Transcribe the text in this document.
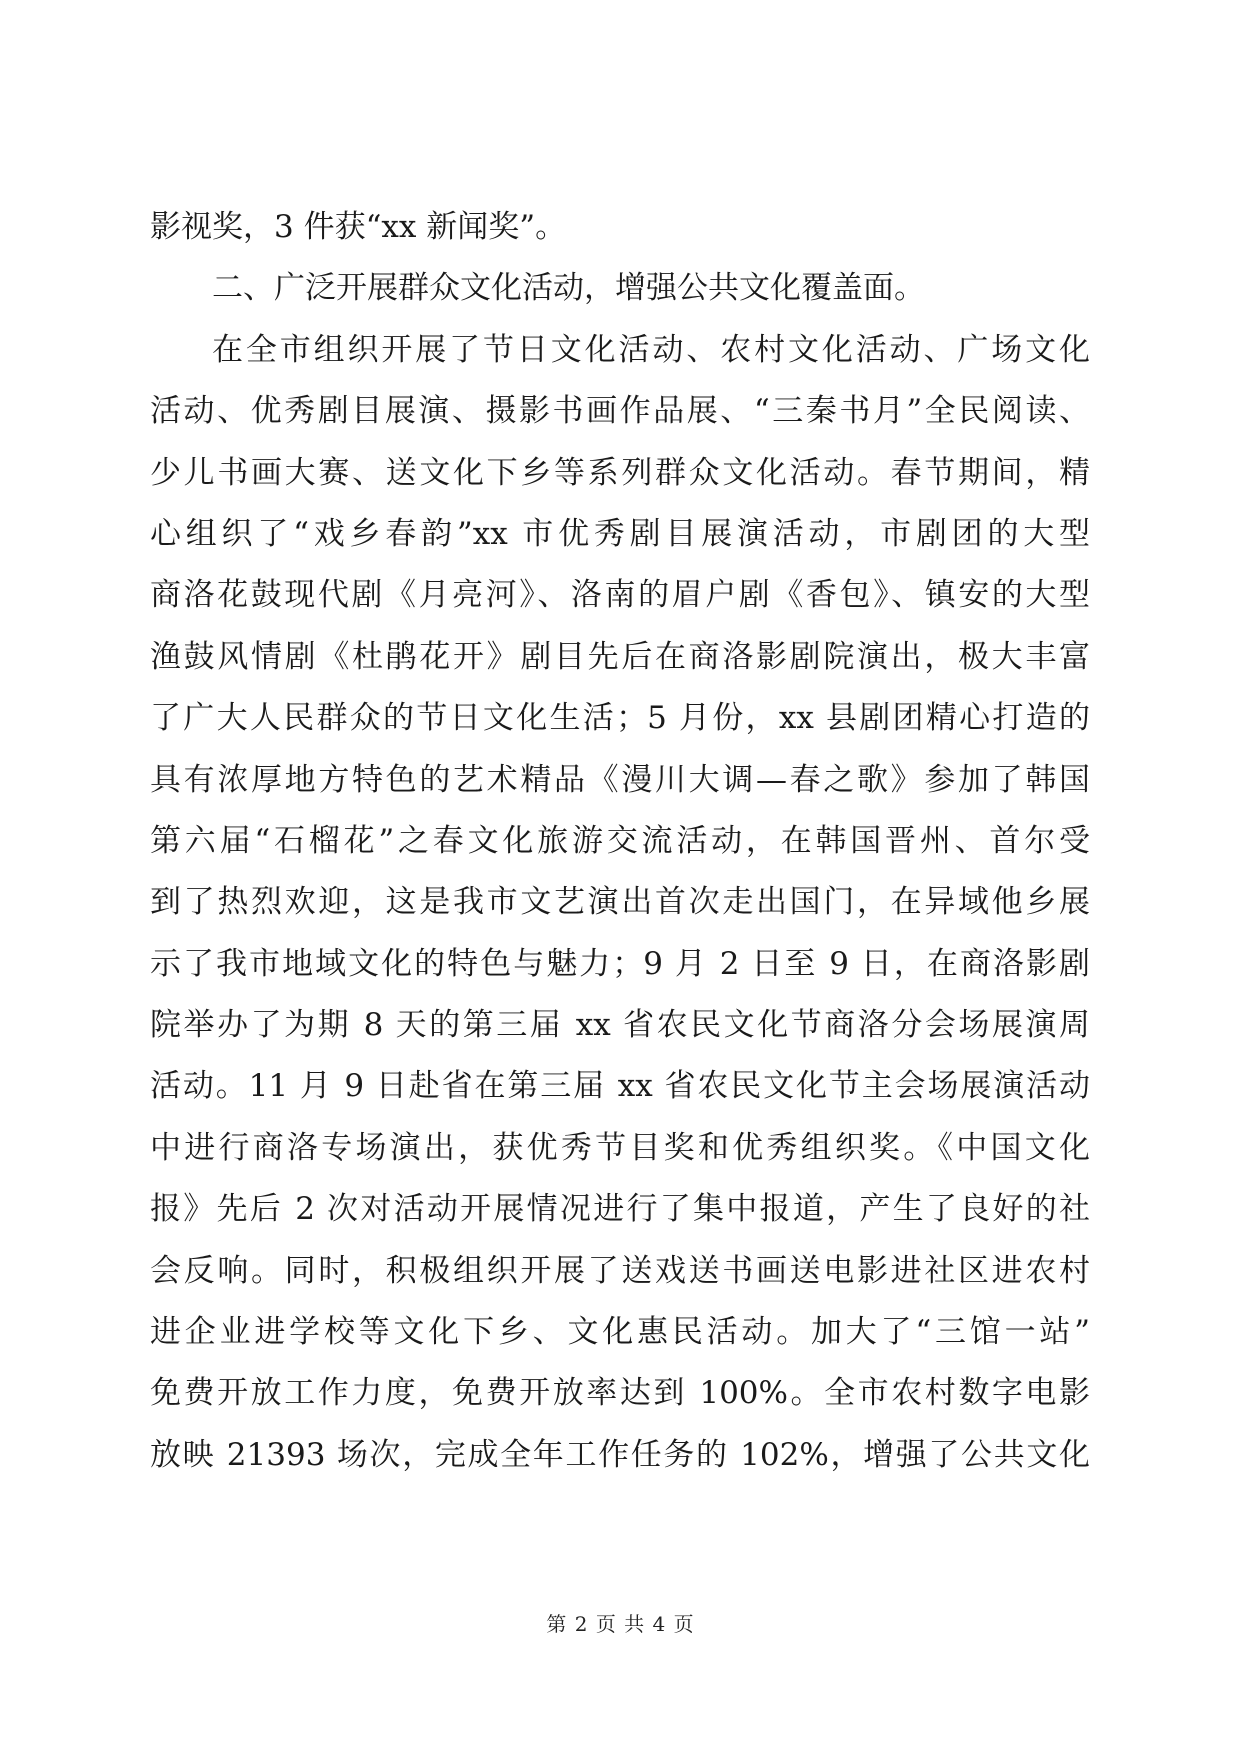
影视奖，3 件获“xx 新闻奖”。
二、广泛开展群众文化活动，增强公共文化覆盖面。
在全市组织开展了节日文化活动、农村文化活动、广场文化
活动、优秀剧目展演、摄影书画作品展、“三秦书月”全民阅读、
少儿书画大赛、送文化下乡等系列群众文化活动。春节期间，精
心组织了“戏乡春韵”xx 市优秀剧目展演活动，市剧团的大型
商洛花鼓现代剧《月亮河》、洛南的眉户剧《香包》、镇安的大型
渔鼓风情剧《杜鹃花开》剧目先后在商洛影剧院演出，极大丰富
了广大人民群众的节日文化生活；5 月份，xx 县剧团精心打造的
具有浓厚地方特色的艺术精品《漫川大调—春之歌》参加了韩国
第六届“石榴花”之春文化旅游交流活动，在韩国晋州、首尔受
到了热烈欢迎，这是我市文艺演出首次走出国门，在异域他乡展
示了我市地域文化的特色与魅力；9 月 2 日至 9 日，在商洛影剧
院举办了为期 8 天的第三届 xx 省农民文化节商洛分会场展演周
活动。11 月 9 日赴省在第三届 xx 省农民文化节主会场展演活动
中进行商洛专场演出，获优秀节目奖和优秀组织奖。《中国文化
报》先后 2 次对活动开展情况进行了集中报道，产生了良好的社
会反响。同时，积极组织开展了送戏送书画送电影进社区进农村
进企业进学校等文化下乡、文化惠民活动。加大了“三馆一站”
免费开放工作力度，免费开放率达到 100%。全市农村数字电影
放映 21393 场次，完成全年工作任务的 102%，增强了公共文化
第 2 页 共 4 页
